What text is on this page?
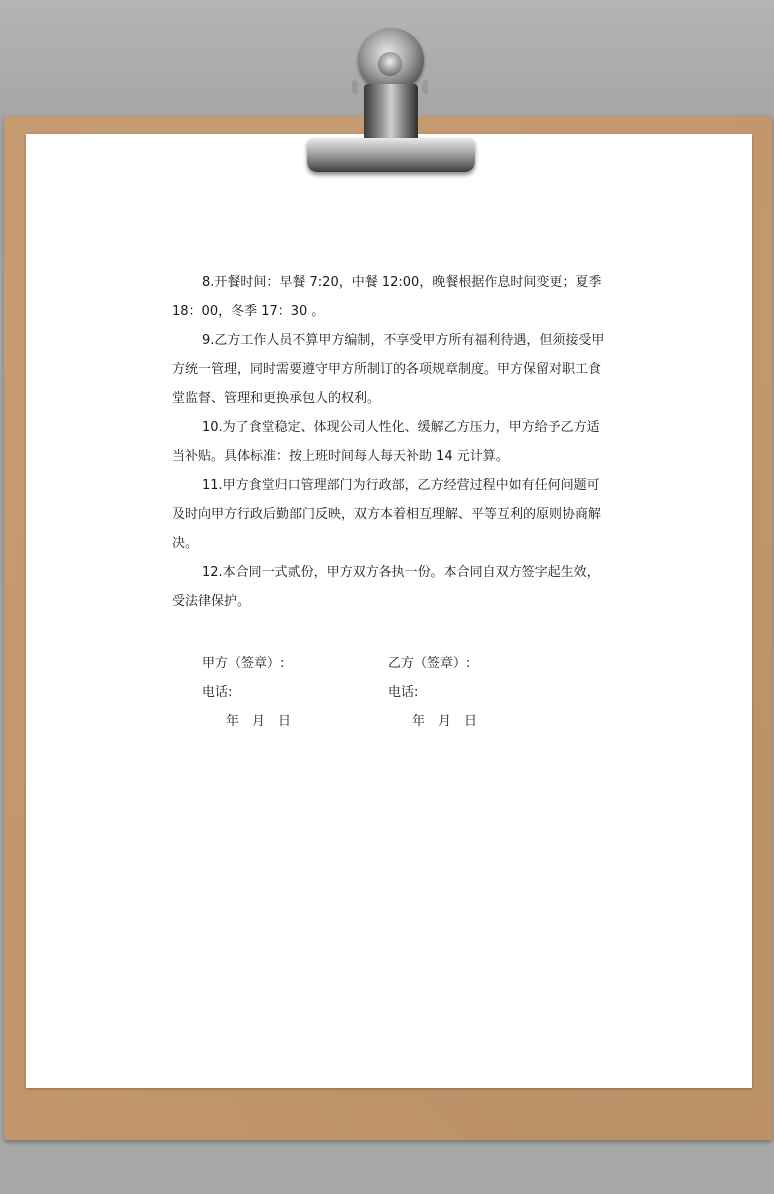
8.开餐时间：早餐 7:20，中餐 12:00，晚餐根据作息时间变更；夏季 18：00，冬季 17：30 。

9.乙方工作人员不算甲方编制，不享受甲方所有福利待遇，但须接受甲方统一管理，同时需要遵守甲方所制订的各项规章制度。甲方保留对职工食堂监督、管理和更换承包人的权利。

10.为了食堂稳定、体现公司人性化、缓解乙方压力，甲方给予乙方适当补贴。具体标准：按上班时间每人每天补助 14 元计算。

11.甲方食堂归口管理部门为行政部，乙方经营过程中如有任何问题可及时向甲方行政后勤部门反映，双方本着相互理解、平等互利的原则协商解决。

12.本合同一式贰份，甲方双方各执一份。本合同自双方签字起生效，受法律保护。

甲方（签章）:
电话:
年　月　日
乙方（签章）:
电话:
年　月　日
